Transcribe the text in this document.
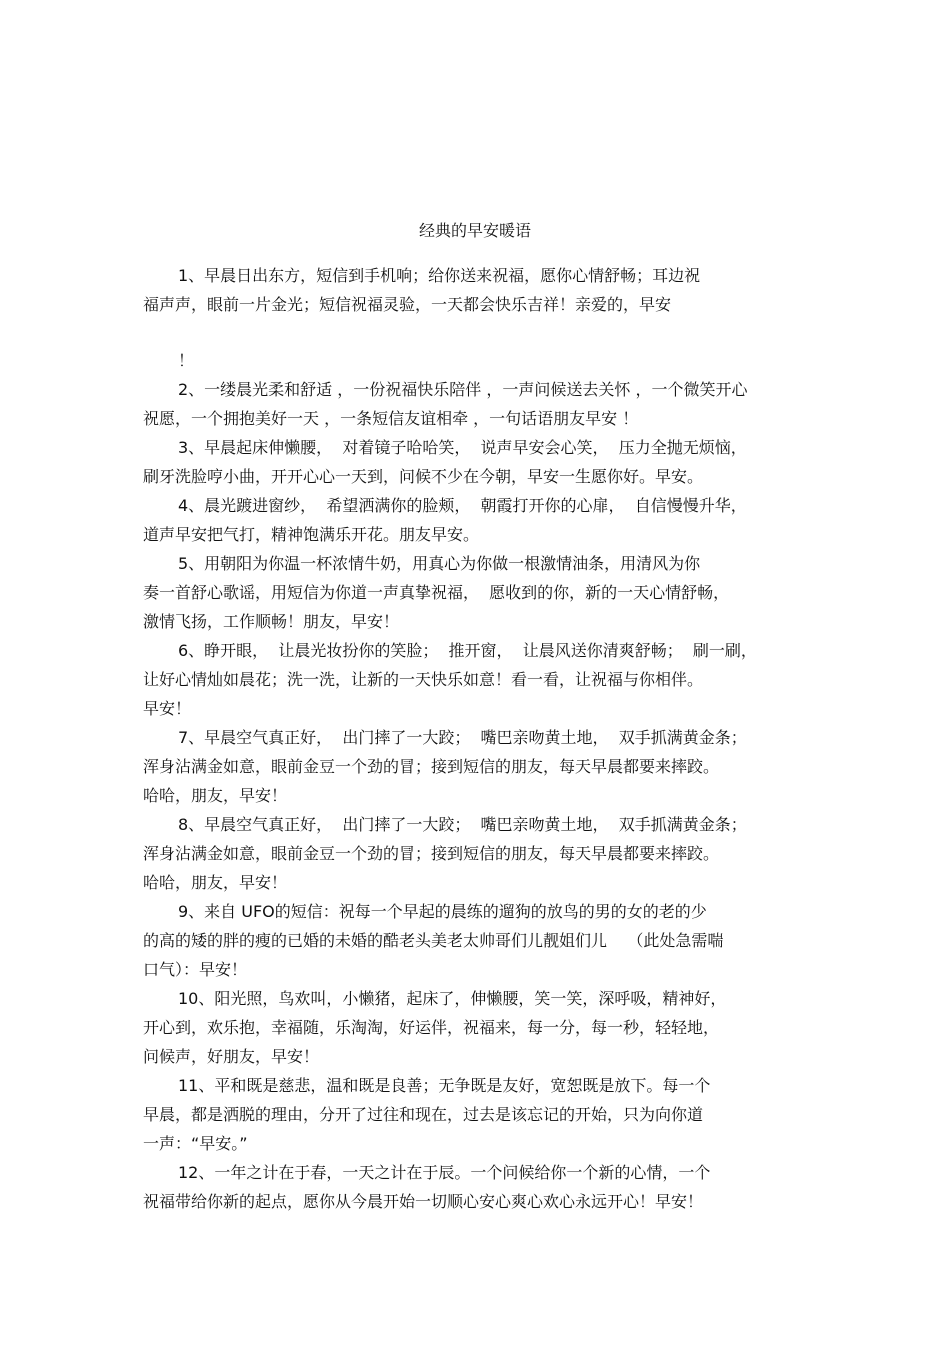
经典的早安暖语
1、早晨日出东方，短信到手机响；给你送来祝福，愿你心情舒畅；耳边祝
福声声，眼前一片金光；短信祝福灵验，一天都会快乐吉祥！亲爱的，早安
！
2、一缕晨光柔和舒适 ，一份祝福快乐陪伴 ，一声问候送去关怀 ，一个微笑开心
祝愿，一个拥抱美好一天 ，一条短信友谊相牵 ，一句话语朋友早安 ！
3、早晨起床伸懒腰，  对着镜子哈哈笑，  说声早安会心笑，  压力全抛无烦恼，
刷牙洗脸哼小曲，开开心心一天到，问候不少在今朝，早安一生愿你好。早安。
4、晨光踱进窗纱，  希望洒满你的脸颊，  朝霞打开你的心扉，  自信慢慢升华，
道声早安把气打，精神饱满乐开花。朋友早安。
5、用朝阳为你温一杯浓情牛奶，用真心为你做一根激情油条，用清风为你
奏一首舒心歌谣，用短信为你道一声真挚祝福，  愿收到的你，新的一天心情舒畅，
激情飞扬，工作顺畅！朋友，早安！
6、睁开眼，  让晨光妆扮你的笑脸；  推开窗，  让晨风送你清爽舒畅；  刷一刷，
让好心情灿如晨花；洗一洗，让新的一天快乐如意！看一看，让祝福与你相伴。
早安！
7、早晨空气真正好，  出门摔了一大跤；  嘴巴亲吻黄土地，  双手抓满黄金条；
浑身沾满金如意，眼前金豆一个劲的冒；接到短信的朋友，每天早晨都要来摔跤。
哈哈，朋友，早安！
8、早晨空气真正好，  出门摔了一大跤；  嘴巴亲吻黄土地，  双手抓满黄金条；
浑身沾满金如意，眼前金豆一个劲的冒；接到短信的朋友，每天早晨都要来摔跤。
哈哈，朋友，早安！
9、来自 UFO的短信：祝每一个早起的晨练的遛狗的放鸟的男的女的老的少
的高的矮的胖的瘦的已婚的未婚的酷老头美老太帅哥们儿靓姐们儿    （此处急需喘
口气）：早安！
10、阳光照，鸟欢叫，小懒猪，起床了，伸懒腰，笑一笑，深呼吸，精神好，
开心到，欢乐抱，幸福随，乐淘淘，好运伴，祝福来，每一分，每一秒，轻轻地，
问候声，好朋友，早安！
11、平和既是慈悲，温和既是良善；无争既是友好，宽恕既是放下。每一个
早晨，都是洒脱的理由，分开了过往和现在，过去是该忘记的开始，只为向你道
一声：“早安。”
12、一年之计在于春，一天之计在于辰。一个问候给你一个新的心情，一个
祝福带给你新的起点，愿你从今晨开始一切顺心安心爽心欢心永远开心！早安！
